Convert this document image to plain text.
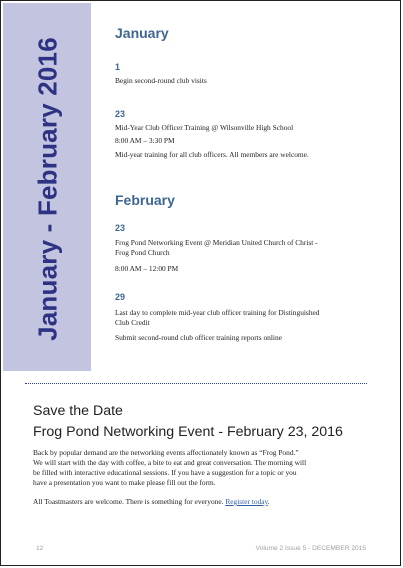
January - February 2016
January
1
Begin second-round club visits
23
Mid-Year Club Officer Training @ Wilsonville High School
8:00 AM – 3:30 PM
Mid-year training for all club officers. All members are welcome.
February
23
Frog Pond Networking Event @ Meridian United Church of Christ -
Frog Pond Church
8:00 AM – 12:00 PM
29
Last day to complete mid-year club officer training for Distinguished
Club Credit
Submit second-round club officer training reports online
Save the Date
Frog Pond Networking Event - February 23, 2016
Back by popular demand are the networking events affectionately known as “Frog Pond.”
We will start with the day with coffee, a bite to eat and great conversation. The morning will
be filled with interactive educational sessions. If you have a suggestion for a topic or you
have a presentation you want to make please fill out the form.
All Toastmasters are welcome. There is something for everyone. Register today.
12	Volume 2 Issue 5 - DECEMBER 2015
